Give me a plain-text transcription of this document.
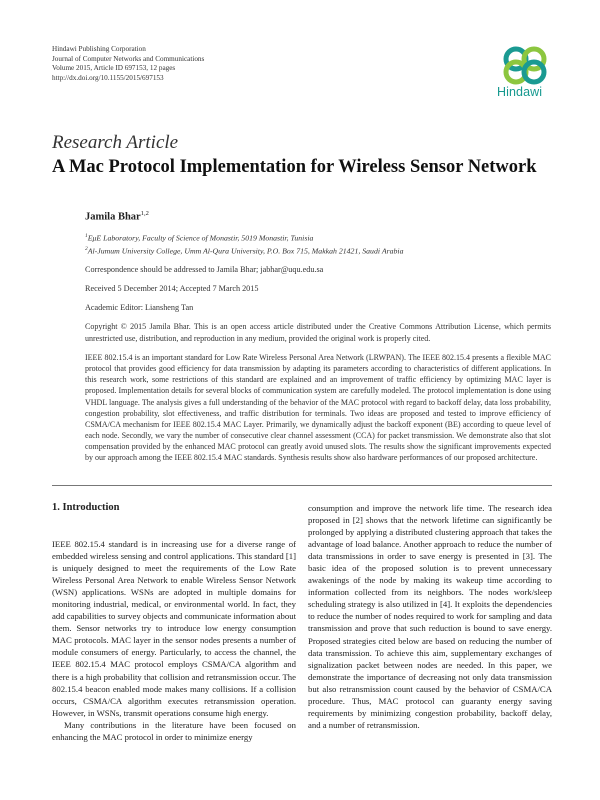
Hindawi Publishing Corporation
Journal of Computer Networks and Communications
Volume 2015, Article ID 697153, 12 pages
http://dx.doi.org/10.1155/2015/697153
Hindawi
Research Article
A Mac Protocol Implementation for Wireless Sensor Network
Jamila Bhar$^{1,2}$
$^1$EμE Laboratory, Faculty of Science of Monastir, 5019 Monastir, Tunisia
$^2$Al-Jumum University College, Umm Al-Qura University, P.O. Box 715, Makkah 21421, Saudi Arabia
Correspondence should be addressed to Jamila Bhar; jabhar@uqu.edu.sa
Received 5 December 2014; Accepted 7 March 2015
Academic Editor: Liansheng Tan
Copyright © 2015 Jamila Bhar. This is an open access article distributed under the Creative Commons Attribution License, which permits unrestricted use, distribution, and reproduction in any medium, provided the original work is properly cited.
IEEE 802.15.4 is an important standard for Low Rate Wireless Personal Area Network (LRWPAN). The IEEE 802.15.4 presents a flexible MAC protocol that provides good efficiency for data transmission by adapting its parameters according to characteristics of different applications. In this research work, some restrictions of this standard are explained and an improvement of traffic efficiency by optimizing MAC layer is proposed. Implementation details for several blocks of communication system are carefully modeled. The protocol implementation is done using VHDL language. The analysis gives a full understanding of the behavior of the MAC protocol with regard to backoff delay, data loss probability, congestion probability, slot effectiveness, and traffic distribution for terminals. Two ideas are proposed and tested to improve efficiency of CSMA/CA mechanism for IEEE 802.15.4 MAC Layer. Primarily, we dynamically adjust the backoff exponent (BE) according to queue level of each node. Secondly, we vary the number of consecutive clear channel assessment (CCA) for packet transmission. We demonstrate also that slot compensation provided by the enhanced MAC protocol can greatly avoid unused slots. The results show the significant improvements expected by our approach among the IEEE 802.15.4 MAC standards. Synthesis results show also hardware performances of our proposed architecture.
1. Introduction

IEEE 802.15.4 standard is in increasing use for a diverse range of embedded wireless sensing and control applications. This standard [1] is uniquely designed to meet the requirements of the Low Rate Wireless Personal Area Network to enable Wireless Sensor Network (WSN) applications. WSNs are adopted in multiple domains for monitoring industrial, medical, or environmental world. In fact, they add capabilities to survey objects and communicate information about them. Sensor networks try to introduce low energy consumption MAC protocols. MAC layer in the sensor nodes presents a number of module consumers of energy. Particularly, to access the channel, the IEEE 802.15.4 MAC protocol employs CSMA/CA algorithm and there is a high probability that collision and retransmission occur. The 802.15.4 beacon enabled mode makes many collisions. If a collision occurs, CSMA/CA algorithm executes retransmission operation. However, in WSNs, transmit operations consume high energy.

Many contributions in the literature have been focused on enhancing the MAC protocol in order to minimize energy

consumption and improve the network life time. The research idea proposed in [2] shows that the network lifetime can significantly be prolonged by applying a distributed clustering approach that takes the advantage of load balance. Another approach to reduce the number of data transmissions in order to save energy is presented in [3]. The basic idea of the proposed solution is to prevent unnecessary awakenings of the node by making its wakeup time according to information collected from its neighbors. The nodes work/sleep scheduling strategy is also utilized in [4]. It exploits the dependencies to reduce the number of nodes required to work for sampling and data transmission and prove that such reduction is bound to save energy. Proposed strategies cited below are based on reducing the number of data transmission. To achieve this aim, supplementary exchanges of signalization packet between nodes are needed. In this paper, we demonstrate the importance of decreasing not only data transmission but also retransmission count caused by the behavior of CSMA/CA procedure. Thus, MAC protocol can guaranty energy saving requirements by minimizing congestion probability, backoff delay, and a number of retransmission.
